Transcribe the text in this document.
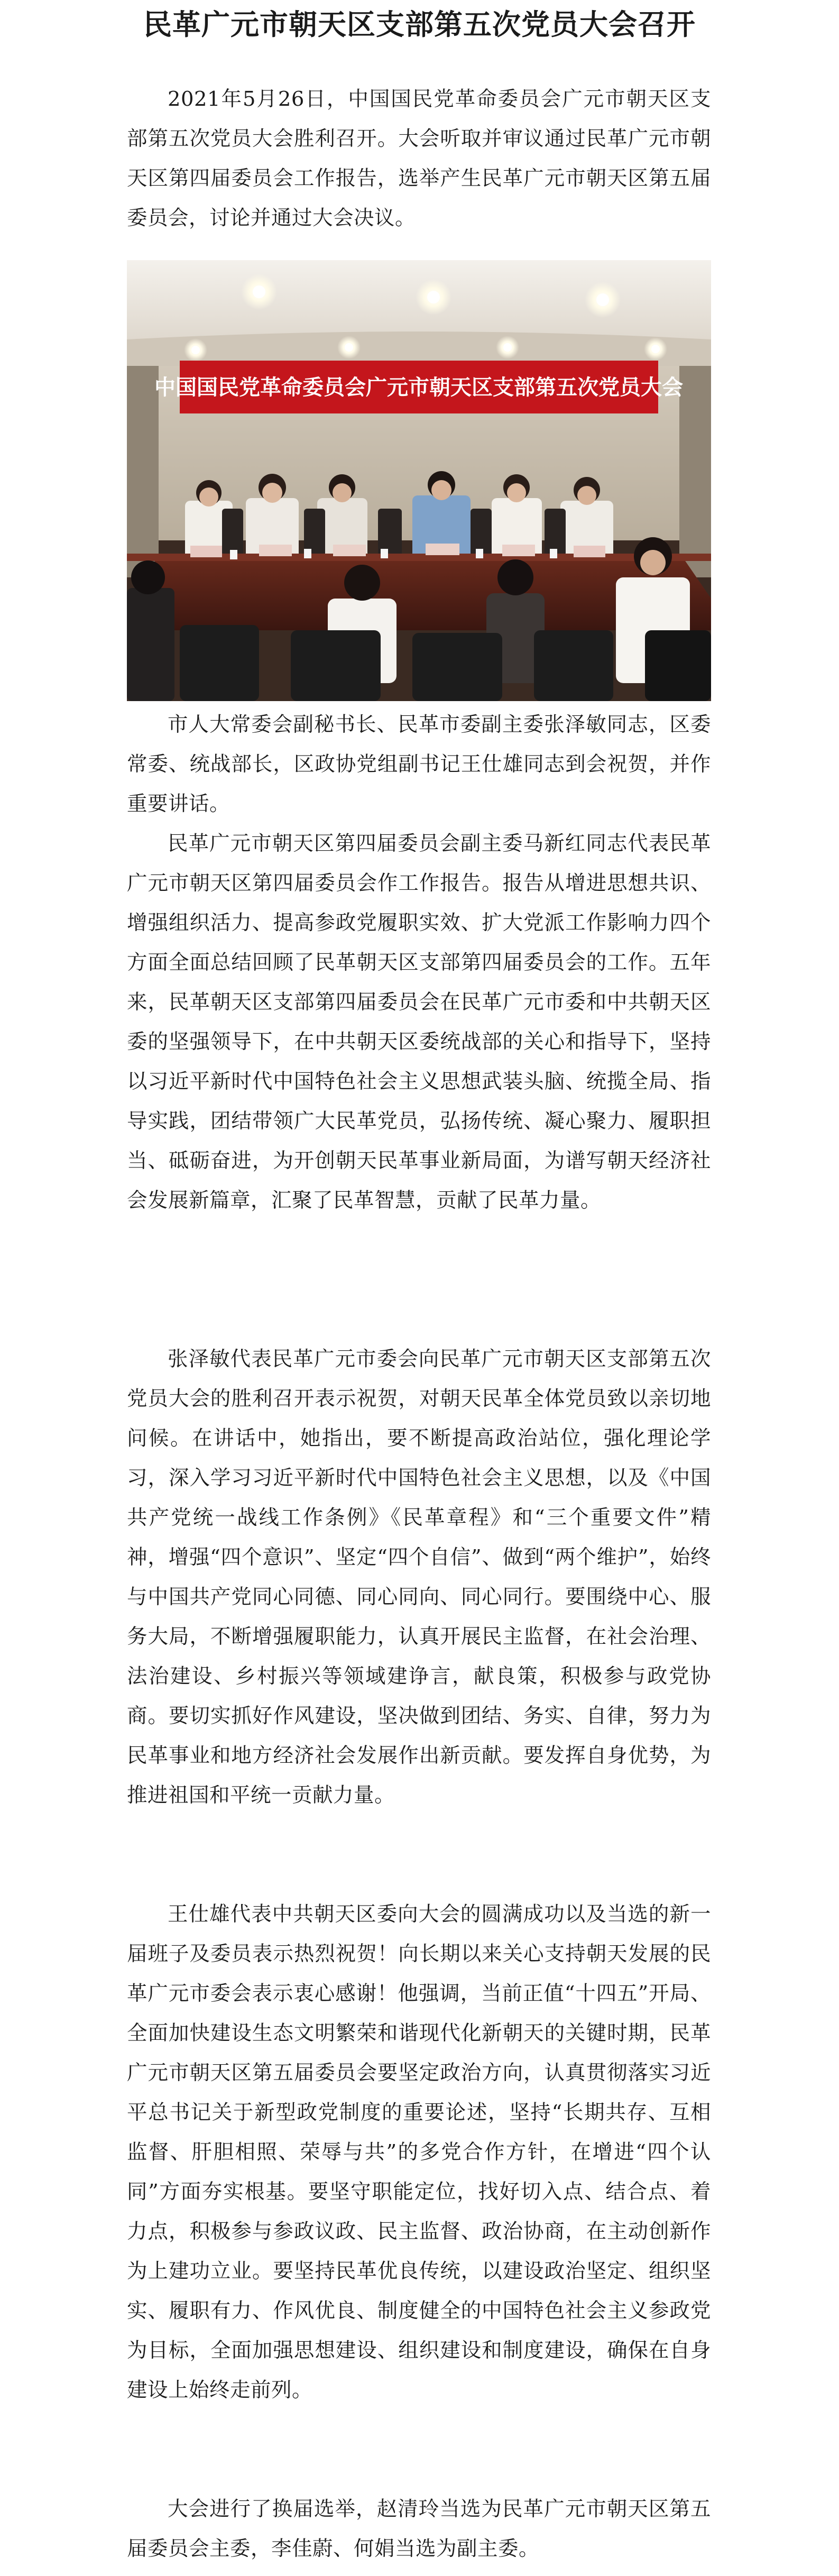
民革广元市朝天区支部第五次党员大会召开

2021年5月26日，中国国民党革命委员会广元市朝天区支部第五次党员大会胜利召开。大会听取并审议通过民革广元市朝天区第四届委员会工作报告，选举产生民革广元市朝天区第五届委员会，讨论并通过大会决议。

中国国民党革命委员会广元市朝天区支部第五次党员大会

市人大常委会副秘书长、民革市委副主委张泽敏同志，区委常委、统战部长，区政协党组副书记王仕雄同志到会祝贺，并作重要讲话。

民革广元市朝天区第四届委员会副主委马新红同志代表民革广元市朝天区第四届委员会作工作报告。报告从增进思想共识、增强组织活力、提高参政党履职实效、扩大党派工作影响力四个方面全面总结回顾了民革朝天区支部第四届委员会的工作。五年来，民革朝天区支部第四届委员会在民革广元市委和中共朝天区委的坚强领导下，在中共朝天区委统战部的关心和指导下，坚持以习近平新时代中国特色社会主义思想武装头脑、统揽全局、指导实践，团结带领广大民革党员，弘扬传统、凝心聚力、履职担当、砥砺奋进，为开创朝天民革事业新局面，为谱写朝天经济社会发展新篇章，汇聚了民革智慧，贡献了民革力量。

张泽敏代表民革广元市委会向民革广元市朝天区支部第五次党员大会的胜利召开表示祝贺，对朝天民革全体党员致以亲切地问候。在讲话中，她指出，要不断提高政治站位，强化理论学习，深入学习习近平新时代中国特色社会主义思想，以及《中国共产党统一战线工作条例》《民革章程》和“三个重要文件”精神，增强“四个意识”、坚定“四个自信”、做到“两个维护”，始终与中国共产党同心同德、同心同向、同心同行。要围绕中心、服务大局，不断增强履职能力，认真开展民主监督，在社会治理、法治建设、乡村振兴等领域建诤言，献良策，积极参与政党协商。要切实抓好作风建设，坚决做到团结、务实、自律，努力为民革事业和地方经济社会发展作出新贡献。要发挥自身优势，为推进祖国和平统一贡献力量。

王仕雄代表中共朝天区委向大会的圆满成功以及当选的新一届班子及委员表示热烈祝贺！向长期以来关心支持朝天发展的民革广元市委会表示衷心感谢！他强调，当前正值“十四五”开局、全面加快建设生态文明繁荣和谐现代化新朝天的关键时期，民革广元市朝天区第五届委员会要坚定政治方向，认真贯彻落实习近平总书记关于新型政党制度的重要论述，坚持“长期共存、互相监督、肝胆相照、荣辱与共”的多党合作方针，在增进“四个认同”方面夯实根基。要坚守职能定位，找好切入点、结合点、着力点，积极参与参政议政、民主监督、政治协商，在主动创新作为上建功立业。要坚持民革优良传统，以建设政治坚定、组织坚实、履职有力、作风优良、制度健全的中国特色社会主义参政党为目标，全面加强思想建设、组织建设和制度建设，确保在自身建设上始终走前列。

大会进行了换届选举，赵清玲当选为民革广元市朝天区第五届委员会主委，李佳蔚、何娟当选为副主委。
